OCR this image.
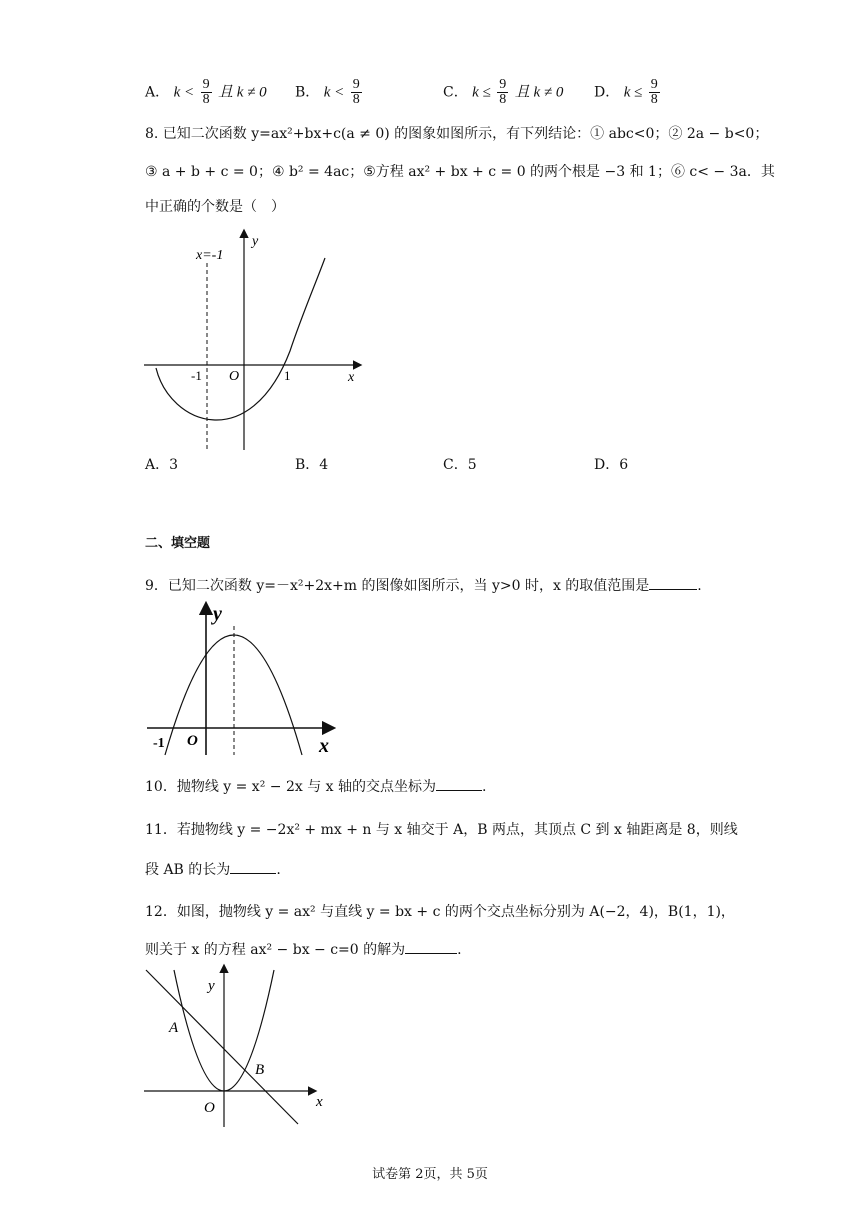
A． $k < \frac{9}{8}$ 且 k ≠ 0 B． $k < \frac{9}{8}$	C． $k \le \frac{9}{8}$ 且 k ≠ 0 D． $k \le \frac{9}{8}$
8. 已知二次函数 y=ax²+bx+c(a ≠ 0) 的图象如图所示，有下列结论：① abc<0；② 2a − b<0；
③ a + b + c = 0；④ b² = 4ac；⑤方程 ax² + bx + c = 0 的两个根是 −3 和 1；⑥ c< − 3a．其
中正确的个数是（　）
y
x
O
x=-1
-1	1
A．3	B．4	C．5	D．6
二、填空题
9．已知二次函数 y=－x²+2x+m 的图像如图所示，当 y>0 时，x 的取值范围是	.
y
x
O
-1
10．抛物线 y = x² − 2x 与 x 轴的交点坐标为	.
11．若抛物线 y = −2x² + mx + n 与 x 轴交于 A，B 两点，其顶点 C 到 x 轴距离是 8，则线
段 AB 的长为	.
12．如图，抛物线 y = ax² 与直线 y = bx + c 的两个交点坐标分别为 A(−2，4)，B(1，1)，
则关于 x 的方程 ax² − bx − c=0 的解为	.
y
x
O
A
B
试卷第 2页，共 5页
